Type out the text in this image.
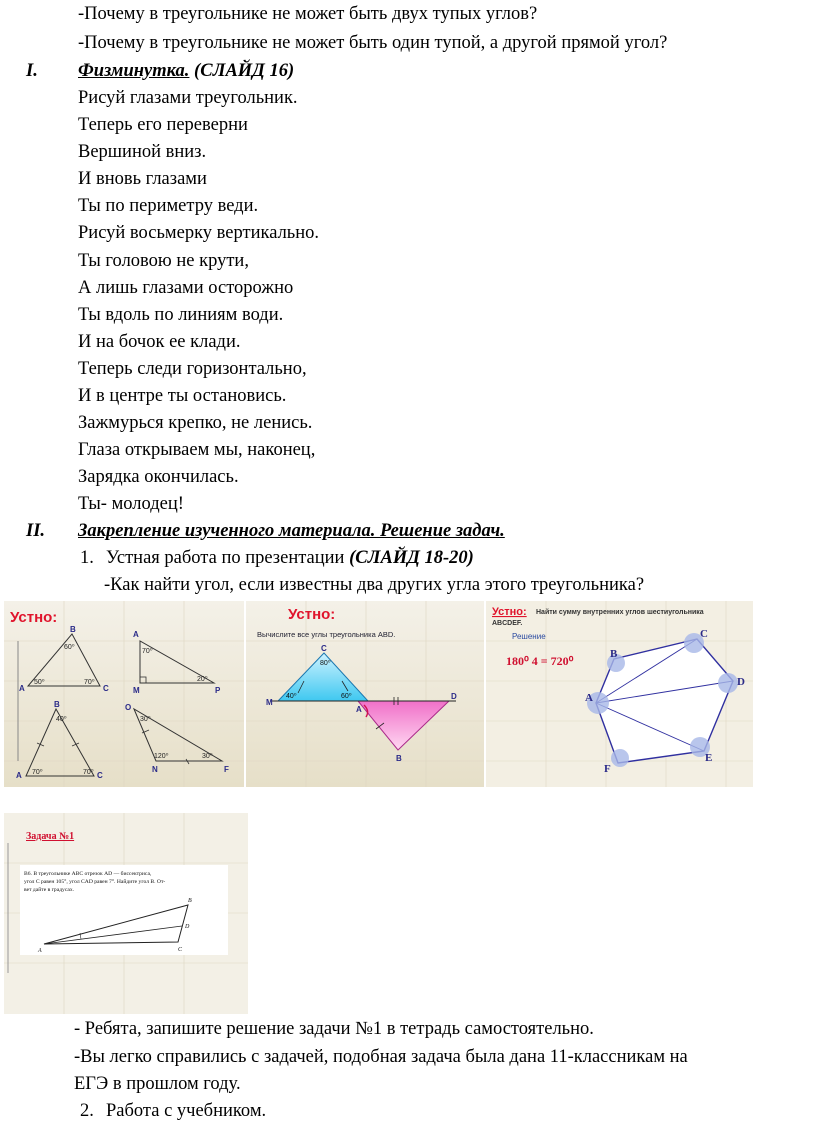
-Почему в треугольнике не может быть двух тупых углов?
-Почему в треугольнике не может быть один тупой, а другой прямой угол?
I. Физминутка. (СЛАЙД 16)
Рисуй глазами треугольник.
Теперь его переверни
Вершиной вниз.
И вновь глазами
Ты по периметру веди.
Рисуй восьмерку вертикально.
Ты головою не крути,
А лишь глазами осторожно
Ты вдоль по линиям води.
И на бочок ее клади.
Теперь следи горизонтально,
И в центре ты остановись.
Зажмурься крепко, не ленись.
Глаза открываем мы, наконец,
Зарядка окончилась.
Ты- молодец!
II. Закрепление изученного материала. Решение задач.
1. Устная работа по презентации (СЛАЙД 18-20)
-Как найти угол, если известны два других угла этого треугольника?
Устно:
B
A	C
60⁰
50⁰	70⁰
A
M	P
70⁰
20⁰
B
A	C
40⁰
70⁰	70⁰
O
N	F
30⁰
120⁰	30⁰
Устно:
Вычислите все углы треугольника ABD.
C
M
A
D
B
80⁰
40⁰	60⁰
Устно: Найти сумму внутренних углов шестиугольника
ABCDEF.
Решение
180⁰ 4 = 720⁰
A
B
C
D
E
F
Задача №1
B6. В треугольнике ABC отрезок AD — биссектриса,
угол C равен 105°, угол CAD равен 7°. Найдите угол B. От-
вет дайте в градусах.
A
B
C
D
- Ребята, запишите решение задачи №1 в тетрадь самостоятельно.
-Вы легко справились с задачей, подобная задача была дана 11-классникам на
ЕГЭ в прошлом году.
2. Работа с учебником.
